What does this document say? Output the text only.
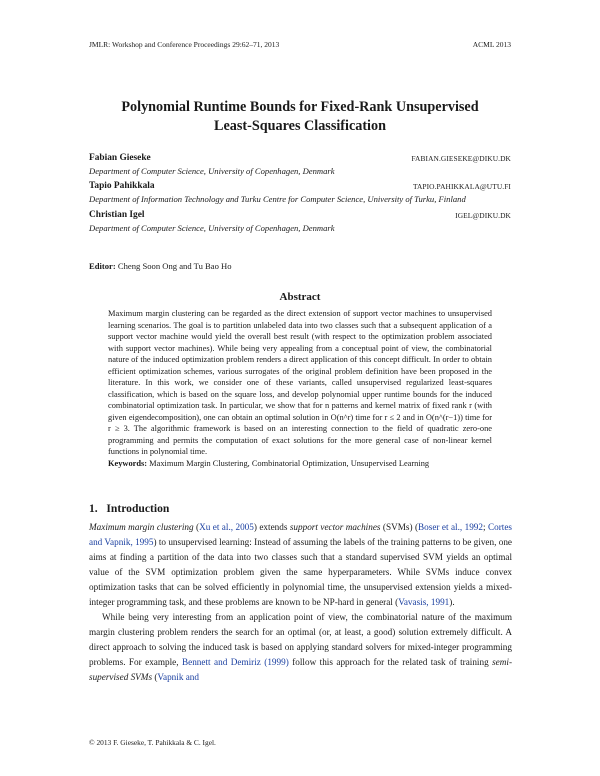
JMLR: Workshop and Conference Proceedings 29:62–71, 2013	ACML 2013
Polynomial Runtime Bounds for Fixed-Rank Unsupervised
Least-Squares Classification
Fabian Gieseke	FABIAN.GIESEKE@DIKU.DK
Department of Computer Science, University of Copenhagen, Denmark
Tapio Pahikkala	TAPIO.PAHIKKALA@UTU.FI
Department of Information Technology and Turku Centre for Computer Science, University of Turku, Finland
Christian Igel	IGEL@DIKU.DK
Department of Computer Science, University of Copenhagen, Denmark
Editor: Cheng Soon Ong and Tu Bao Ho
Abstract

Maximum margin clustering can be regarded as the direct extension of support vector machines to unsupervised learning scenarios. The goal is to partition unlabeled data into two classes such that a subsequent application of a support vector machine would yield the overall best result (with respect to the optimization problem associated with support vector machines). While being very appealing from a conceptual point of view, the combinatorial nature of the induced optimization problem renders a direct application of this concept difficult. In order to obtain efficient optimization schemes, various surrogates of the original problem definition have been proposed in the literature. In this work, we consider one of these variants, called unsupervised regularized least-squares classification, which is based on the square loss, and develop polynomial upper runtime bounds for the induced combinatorial optimization task. In particular, we show that for n patterns and kernel matrix of fixed rank r (with given eigendecomposition), one can obtain an optimal solution in O(n^r) time for r ≤ 2 and in O(n^(r−1)) time for r ≥ 3. The algorithmic framework is based on an interesting connection to the field of quadratic zero-one programming and permits the computation of exact solutions for the more general case of non-linear kernel functions in polynomial time.

Keywords: Maximum Margin Clustering, Combinatorial Optimization, Unsupervised Learning

1. Introduction

Maximum margin clustering (Xu et al., 2005) extends support vector machines (SVMs) (Boser et al., 1992; Cortes and Vapnik, 1995) to unsupervised learning: Instead of assuming the labels of the training patterns to be given, one aims at finding a partition of the data into two classes such that a standard supervised SVM yields an optimal value of the SVM optimization problem given the same hyperparameters. While SVMs induce convex optimization tasks that can be solved efficiently in polynomial time, the unsupervised extension yields a mixed-integer programming task, and these problems are known to be NP-hard in general (Vavasis, 1991).

While being very interesting from an application point of view, the combinatorial nature of the maximum margin clustering problem renders the search for an optimal (or, at least, a good) solution extremely difficult. A direct approach to solving the induced task is based on applying standard solvers for mixed-integer programming problems. For example, Bennett and Demiriz (1999) follow this approach for the related task of training semi-supervised SVMs (Vapnik and

© 2013 F. Gieseke, T. Pahikkala & C. Igel.
